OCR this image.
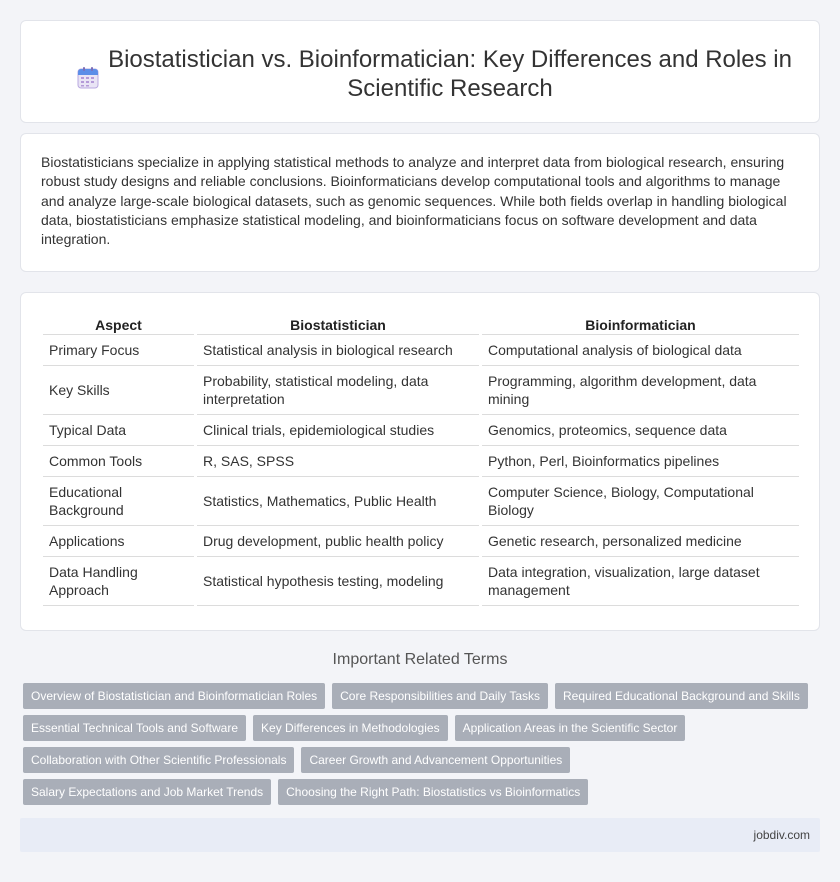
Biostatistician vs. Bioinformatician: Key Differences and Roles in Scientific Research

Biostatisticians specialize in applying statistical methods to analyze and interpret data from biological research, ensuring robust study designs and reliable conclusions. Bioinformaticians develop computational tools and algorithms to manage and analyze large-scale biological datasets, such as genomic sequences. While both fields overlap in handling biological data, biostatisticians emphasize statistical modeling, and bioinformaticians focus on software development and data integration.

Aspect		Biostatistician		Bioinformatician
Primary Focus		Statistical analysis in biological research		Computational analysis of biological data
Key Skills		Probability, statistical modeling, data interpretation		Programming, algorithm development, data mining
Typical Data		Clinical trials, epidemiological studies		Genomics, proteomics, sequence data
Common Tools		R, SAS, SPSS		Python, Perl, Bioinformatics pipelines
Educational Background		Statistics, Mathematics, Public Health		Computer Science, Biology, Computational Biology
Applications		Drug development, public health policy		Genetic research, personalized medicine
Data Handling Approach		Statistical hypothesis testing, modeling		Data integration, visualization, large dataset management
Important Related Terms
Overview of Biostatistician and Bioinformatician Roles	Core Responsibilities and Daily Tasks	Required Educational Background and Skills
Essential Technical Tools and Software	Key Differences in Methodologies	Application Areas in the Scientific Sector
Collaboration with Other Scientific Professionals	Career Growth and Advancement Opportunities
Salary Expectations and Job Market Trends	Choosing the Right Path: Biostatistics vs Bioinformatics
jobdiv.com
